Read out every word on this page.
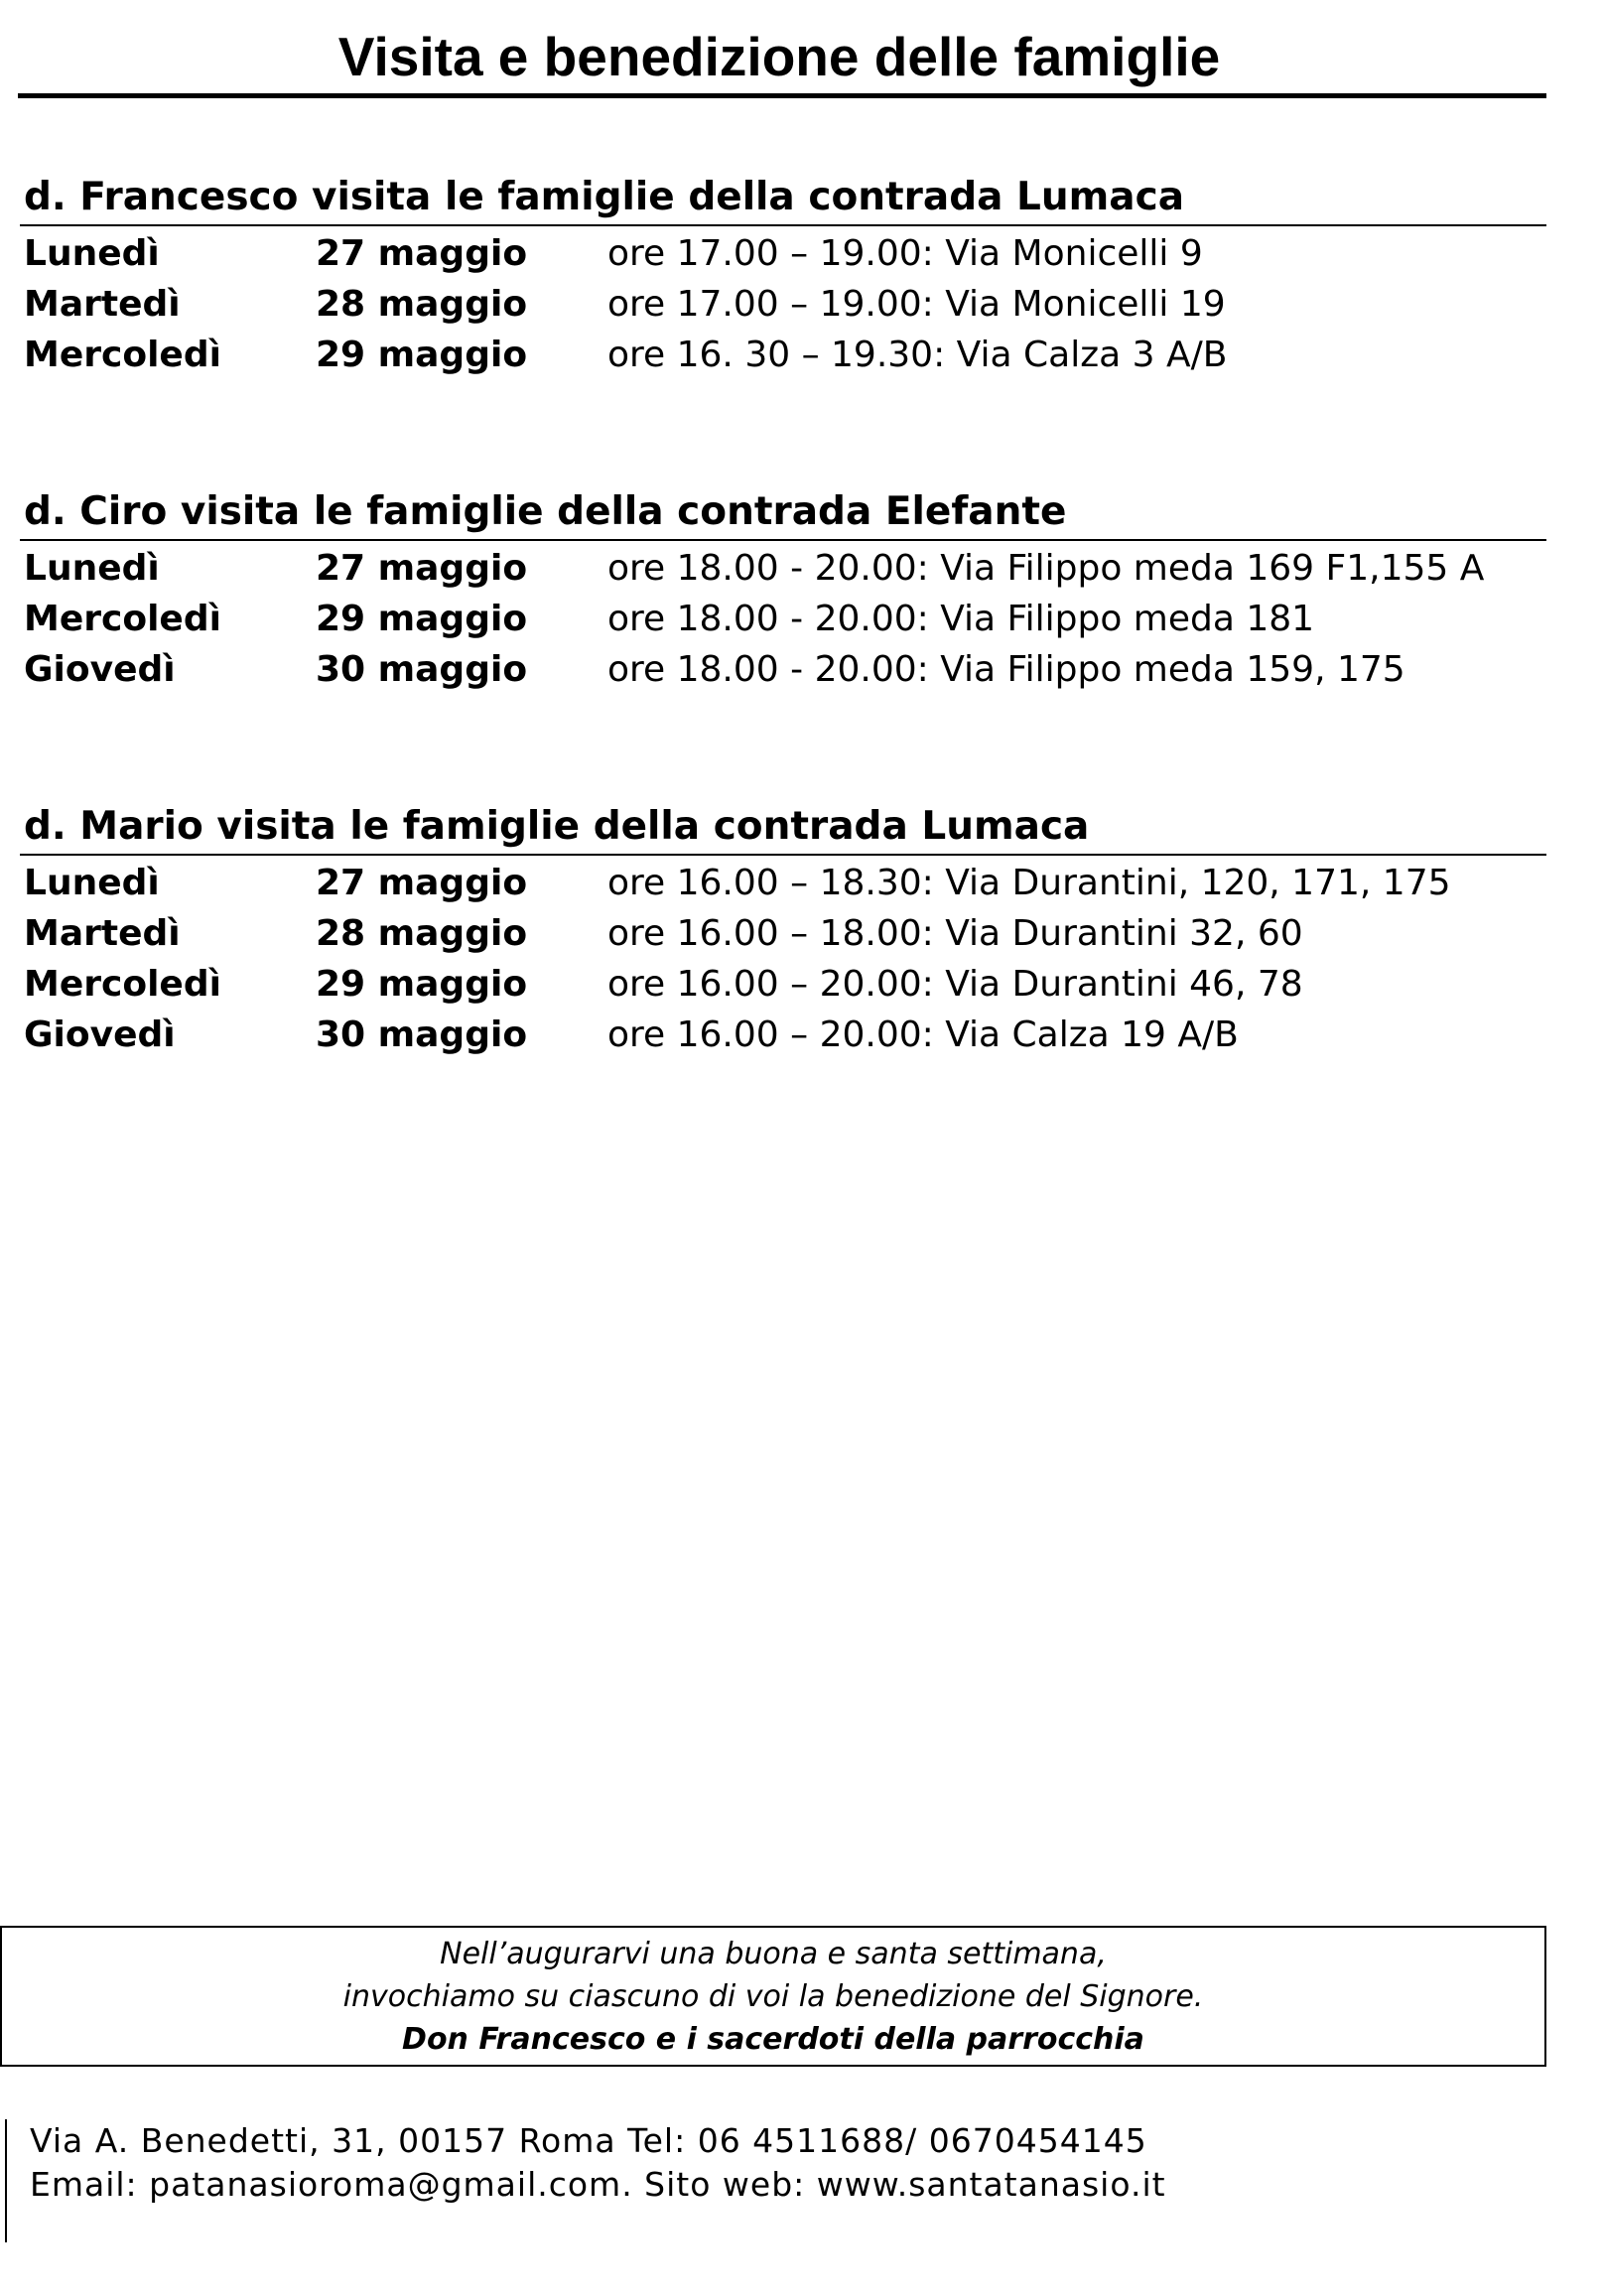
Visita e benedizione delle famiglie
d. Francesco visita le famiglie della contrada Lumaca
Lunedì	27 maggio ore 17.00 – 19.00: Via Monicelli 9
Martedì	28 maggio ore 17.00 – 19.00: Via Monicelli 19
Mercoledì	29 maggio ore 16. 30 – 19.30: Via Calza 3 A/B
d. Ciro visita le famiglie della contrada Elefante
Lunedì	27 maggio ore 18.00 - 20.00: Via Filippo meda 169 F1,155 A
Mercoledì	29 maggio ore 18.00 - 20.00: Via Filippo meda 181
Giovedì	30 maggio ore 18.00 - 20.00: Via Filippo meda 159, 175
d. Mario visita le famiglie della contrada Lumaca
Lunedì	27 maggio ore 16.00 – 18.30: Via Durantini, 120, 171, 175
Martedì	28 maggio ore 16.00 – 18.00: Via Durantini 32, 60
Mercoledì	29 maggio ore 16.00 – 20.00: Via Durantini 46, 78
Giovedì	30 maggio ore 16.00 – 20.00: Via Calza 19 A/B
Nell’augurarvi una buona e santa settimana,
invochiamo su ciascuno di voi la benedizione del Signore.
Don Francesco e i sacerdoti della parrocchia
Via A. Benedetti, 31, 00157 Roma Tel: 06 4511688/ 0670454145
Email: patanasioroma@gmail.com. Sito web: www.santatanasio.it
